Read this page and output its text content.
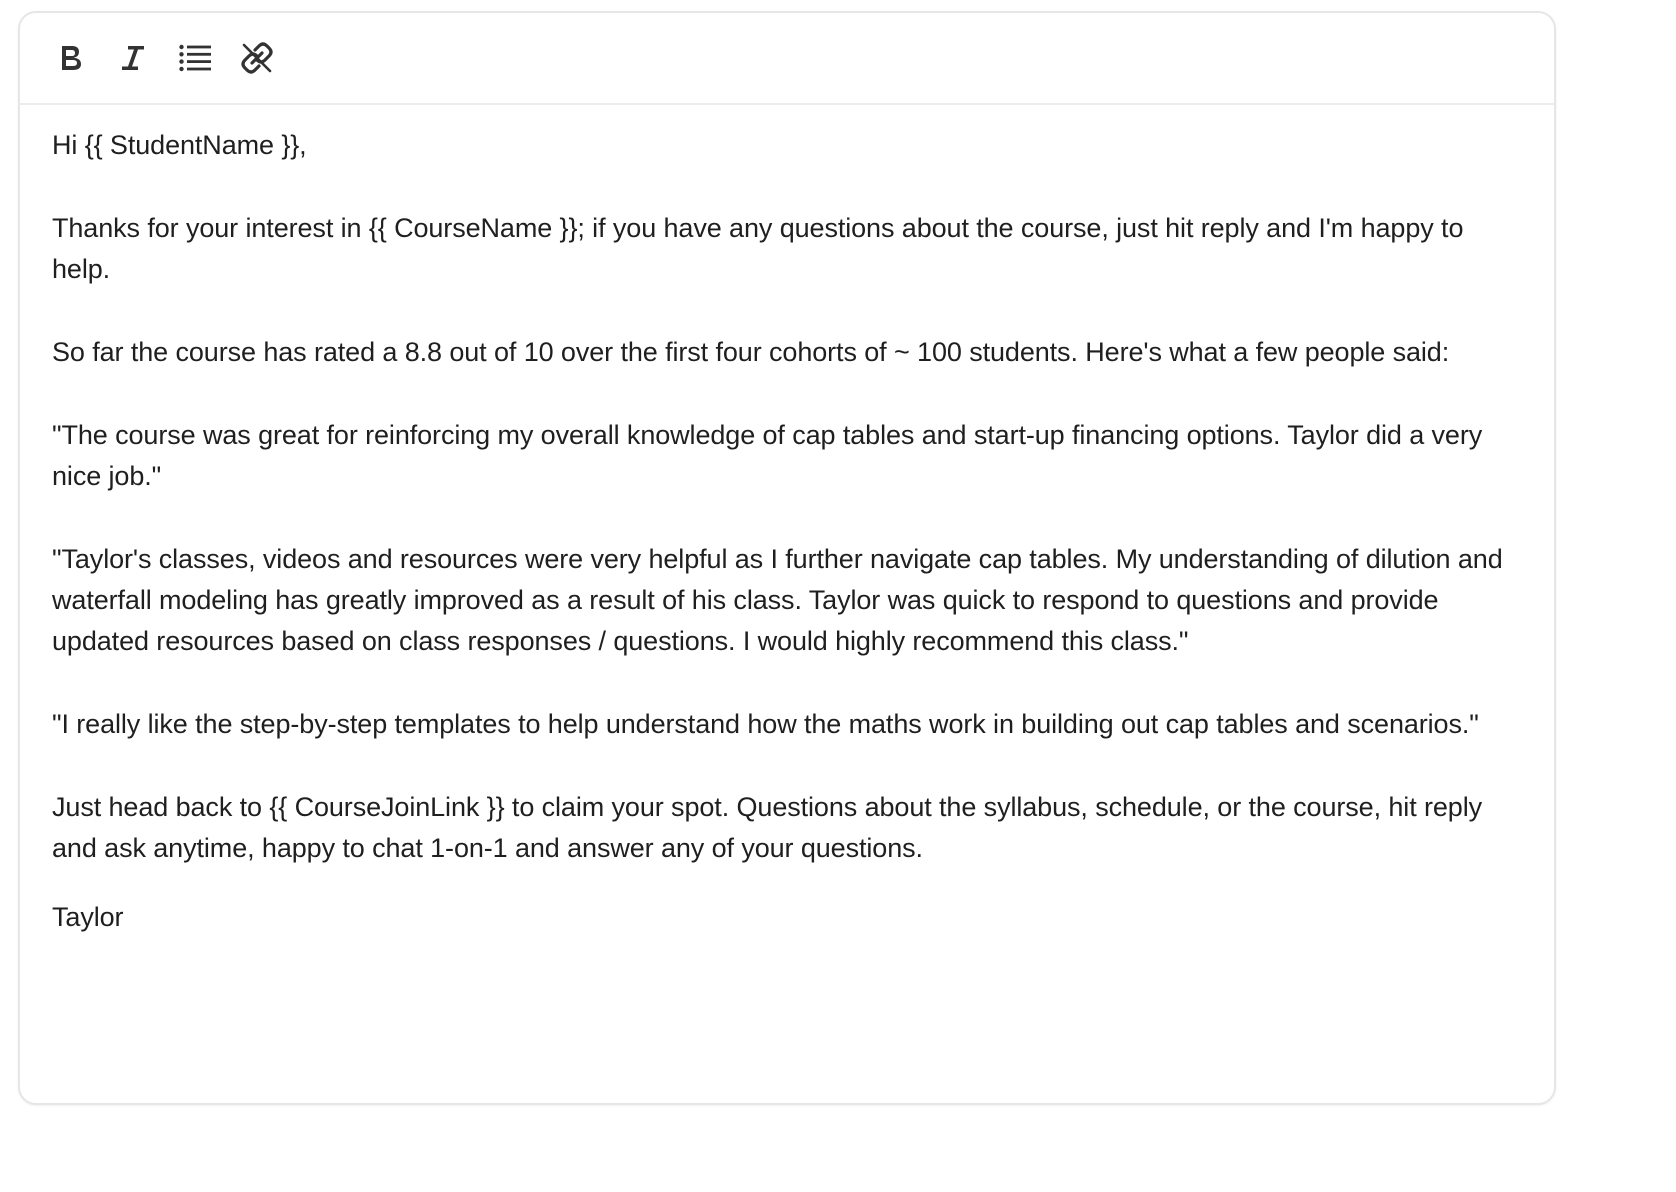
Hi {{ StudentName }},

Thanks for your interest in {{ CourseName }}; if you have any questions about the course, just hit reply and I'm happy to help.

So far the course has rated a 8.8 out of 10 over the first four cohorts of ~ 100 students. Here's what a few people said:

"The course was great for reinforcing my overall knowledge of cap tables and start-up financing options. Taylor did a very nice job."

"Taylor's classes, videos and resources were very helpful as I further navigate cap tables. My understanding of dilution and waterfall modeling has greatly improved as a result of his class. Taylor was quick to respond to questions and provide updated resources based on class responses / questions. I would highly recommend this class."

"I really like the step-by-step templates to help understand how the maths work in building out cap tables and scenarios."

Just head back to {{ CourseJoinLink }} to claim your spot. Questions about the syllabus, schedule, or the course, hit reply and ask anytime, happy to chat 1-on-1 and answer any of your questions.

Taylor
